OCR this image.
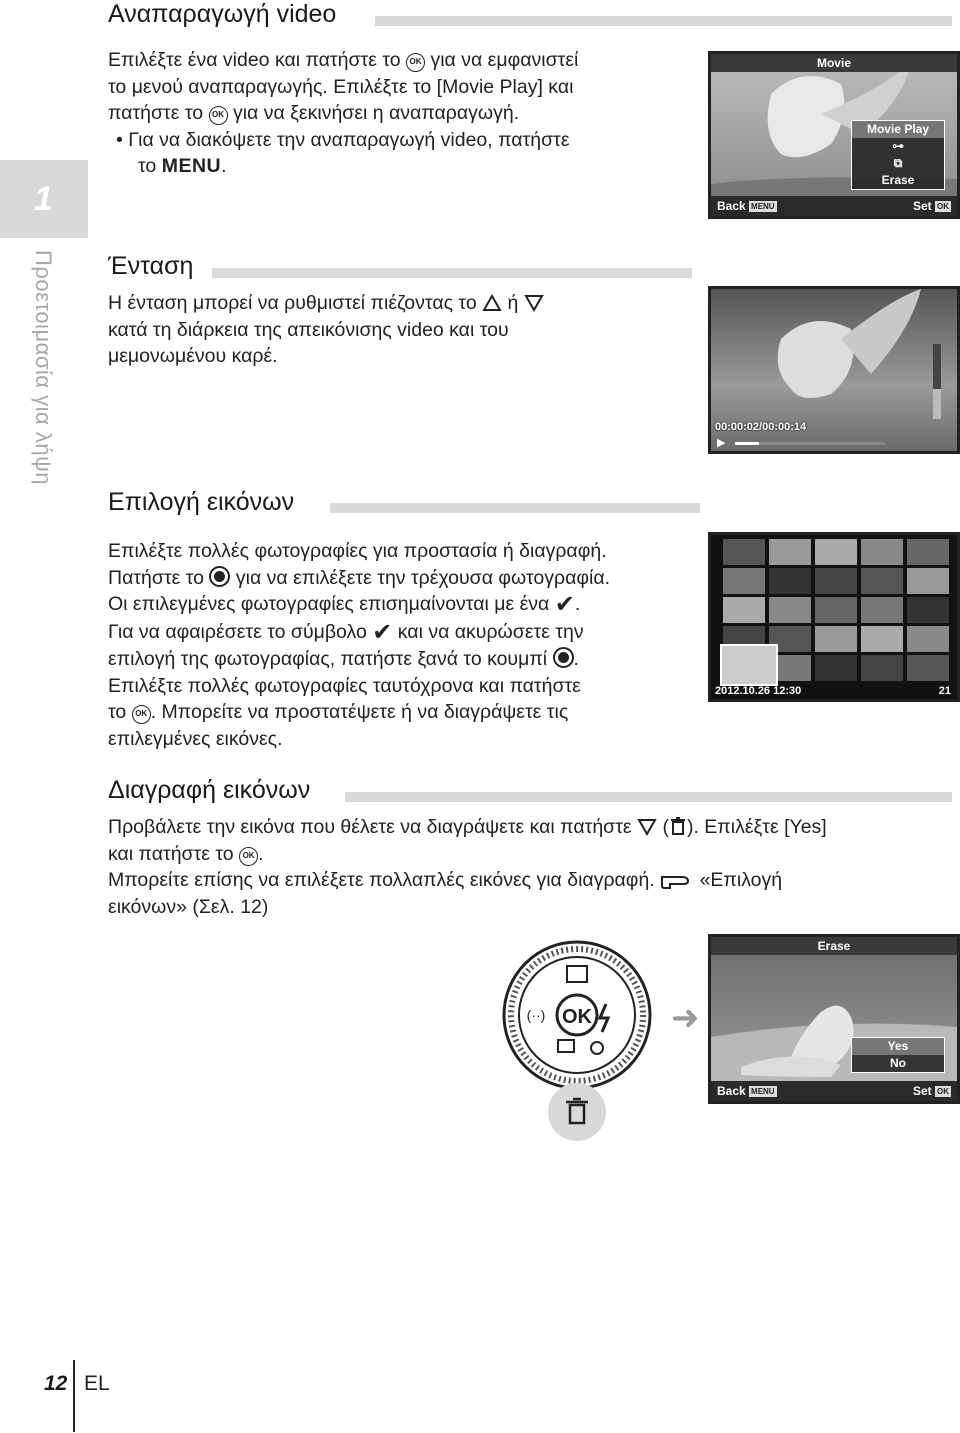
1
Προετοιμασία για λήψη
Αναπαραγωγή video

Επιλέξτε ένα video και πατήστε το OK για να εμφανιστεί

το μενού αναπαραγωγής. Επιλέξτε το [Movie Play] και

πατήστε το OK για να ξεκινήσει η αναπαραγωγή.

• Για να διακόψετε την αναπαραγωγή video, πατήστε

το MENU.

Movie
Movie Play
⊶
⧉
Erase
Back MENU	Set OK
Ένταση

Η ένταση μπορεί να ρυθμιστεί πιέζοντας το ή

κατά τη διάρκεια της απεικόνισης video και του

μεμονωμένου καρέ.

00:00:02/00:00:14
▶
Επιλογή εικόνων

Επιλέξτε πολλές φωτογραφίες για προστασία ή διαγραφή.

Πατήστε το για να επιλέξετε την τρέχουσα φωτογραφία.

Οι επιλεγμένες φωτογραφίες επισημαίνονται με ένα ✔.

Για να αφαιρέσετε το σύμβολο ✔ και να ακυρώσετε την

επιλογή της φωτογραφίας, πατήστε ξανά το κουμπί .

Επιλέξτε πολλές φωτογραφίες ταυτόχρονα και πατήστε

το OK . Μπορείτε να προστατέψετε ή να διαγράψετε τις

επιλεγμένες εικόνες.

2012.10.26 12:30	21
Διαγραφή εικόνων

Προβάλετε την εικόνα που θέλετε να διαγράψετε και πατήστε ( ). Επιλέξτε [Yes]

και πατήστε το OK .

Μπορείτε επίσης να επιλέξετε πολλαπλές εικόνες για διαγραφή. «Επιλογή

εικόνων» (Σελ. 12)

OK
(··)	➜
Erase
Yes
No
Back MENU	Set OK
12 EL
